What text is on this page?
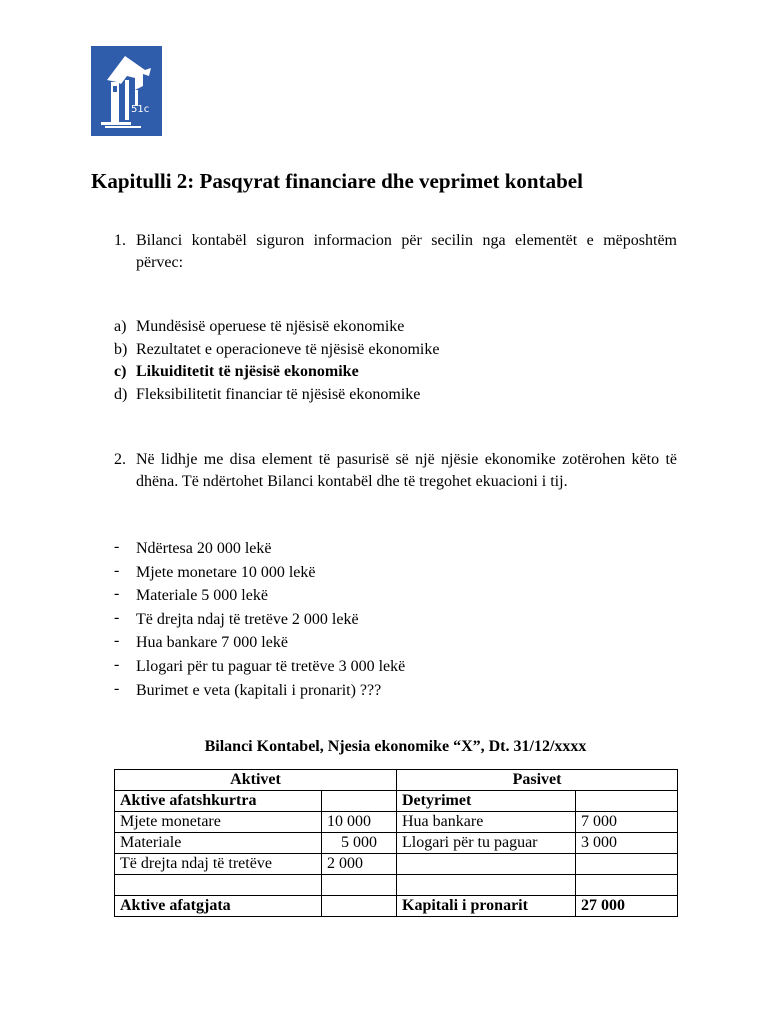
51c
Kapitulli 2: Pasqyrat financiare dhe veprimet kontabel
1. Bilanci kontabël siguron informacion për secilin nga elementët e mëposhtëm përvec:
a) Mundësisë operuese të njësisë ekonomike
b) Rezultatet e operacioneve të njësisë ekonomike
c) Likuiditetit të njësisë ekonomike
d) Fleksibilitetit financiar të njësisë ekonomike
2. Në lidhje me disa element të pasurisë së një njësie ekonomike zotërohen këto të dhëna. Të ndërtohet Bilanci kontabël dhe të tregohet ekuacioni i tij.
- Ndërtesa 20 000 lekë
- Mjete monetare 10 000 lekë
- Materiale 5 000 lekë
- Të drejta ndaj të tretëve 2 000 lekë
- Hua bankare 7 000 lekë
- Llogari për tu paguar të tretëve 3 000 lekë
- Burimet e veta (kapitali i pronarit) ???
Bilanci Kontabel, Njesia ekonomike “X”, Dt. 31/12/xxxx
Aktivet		Pasivet	
Aktive afatshkurtra		Detyrimet	
Mjete monetare	10 000	Hua bankare	7 000
Materiale	5 000	Llogari për tu paguar	3 000
Të drejta ndaj të tretëve	2 000		

Aktive afatgjata		Kapitali i pronarit	27 000
